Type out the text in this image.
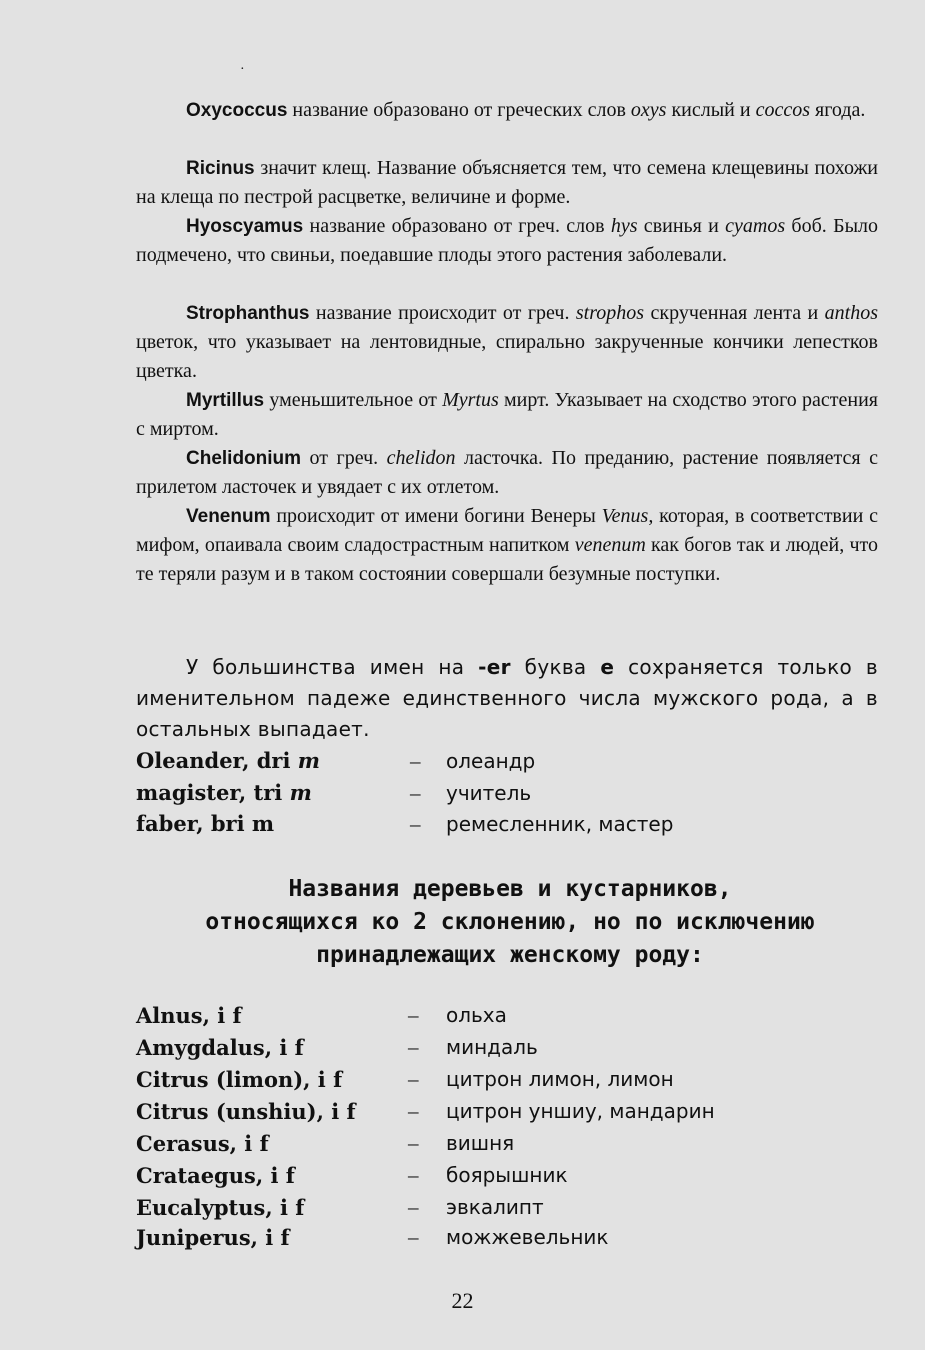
·
Oxycoccus название образовано от греческих слов oxys кислый и coccos ягода.
Ricinus значит клещ. Название объясняется тем, что семена клещевины похожи на клеща по пестрой расцветке, величине и форме.
Hyoscyamus название образовано от греч. слов hys свинья и cyamos боб. Было подмечено, что свиньи, поедавшие плоды этого растения заболевали.
Strophanthus название происходит от греч. strophos скрученная лента и anthos цветок, что указывает на лентовидные, спирально закрученные кончики лепестков цветка.
Myrtillus уменьшительное от Myrtus мирт. Указывает на сходство этого растения с миртом.
Chelidonium от греч. chelidon ласточка. По преданию, растение появляется с прилетом ласточек и увядает с их отлетом.
Venenum происходит от имени богини Венеры Venus, которая, в соответствии с мифом, опаивала своим сладострастным напитком venenum как богов так и людей, что те теряли разум и в таком состоянии совершали безумные поступки.
У большинства имен на -er буква е сохраняется только в именительном падеже единственного числа мужского рода, а в остальных выпадает.
Oleander, dri m	– олеандр
magister, tri m	– учитель
faber, bri m	– ремесленник, мастер
Названия деревьев и кустарников,
относящихся ко 2 склонению, но по исключению
принадлежащих женскому роду:
Alnus, i f	– ольха
Amygdalus, i f	– миндаль
Citrus (limon), i f	– цитрон лимон, лимон
Citrus (unshiu), i f – цитрон уншиу, мандарин
Cerasus, i f	– вишня
Crataegus, i f	– боярышник
Eucalyptus, i f	– эвкалипт
Juniperus, i f	– можжевельник
22
